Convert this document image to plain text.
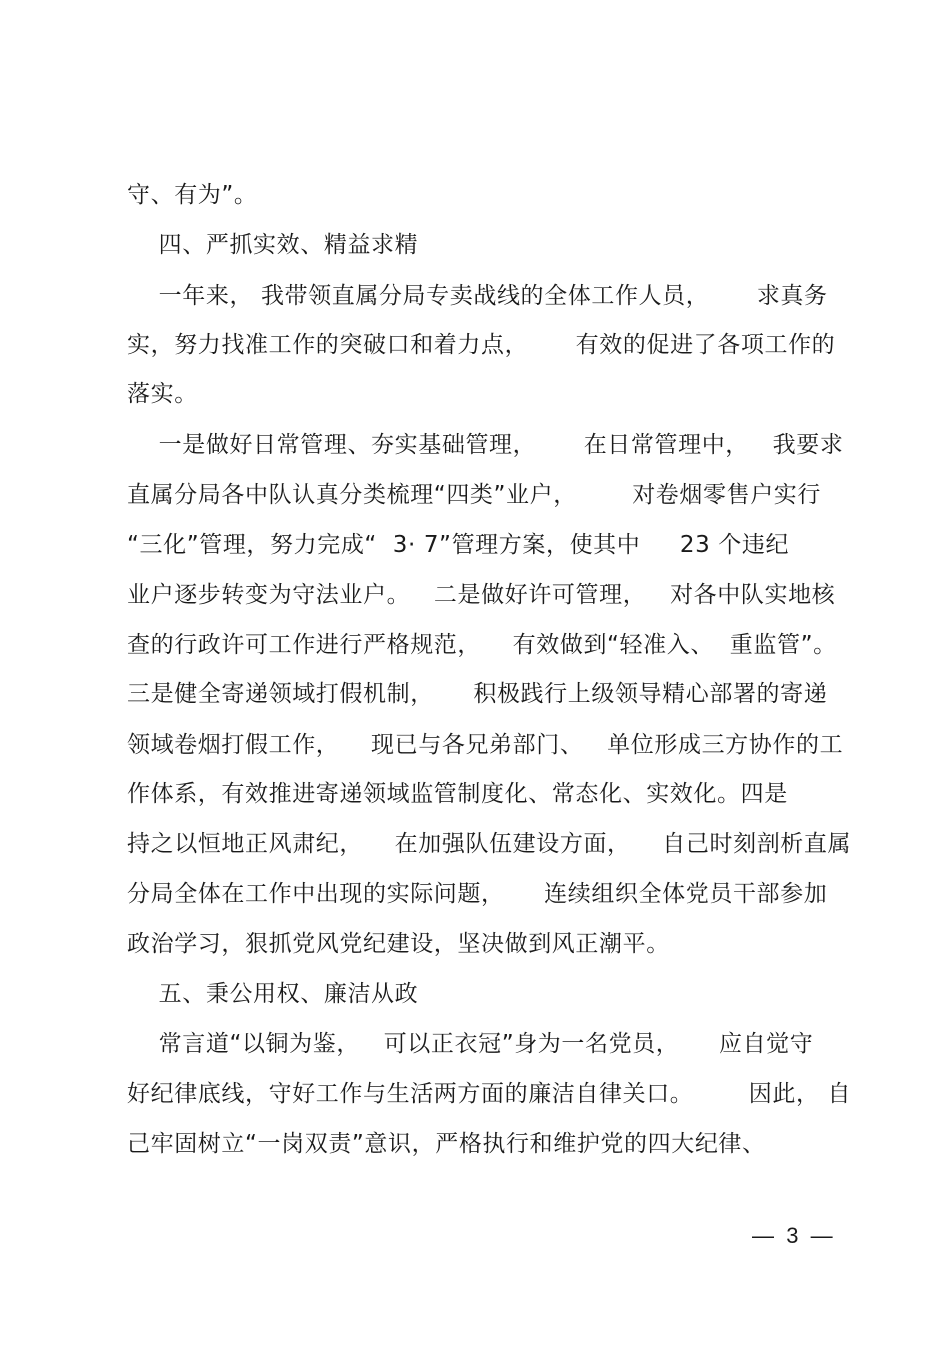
守、有为”。
四、严抓实效、精益求精
一年来， 我带领直属分局专卖战线的全体工作人员，      求真务
实，努力找准工作的突破口和着力点，      有效的促进了各项工作的
落实。
一是做好日常管理、夯实基础管理，      在日常管理中，   我要求
直属分局各中队认真分类梳理“四类”业户，       对卷烟零售户实行
“三化”管理，努力完成“  3· 7”管理方案，使其中     23 个违纪
业户逐步转变为守法业户。   二是做好许可管理，   对各中队实地核
查的行政许可工作进行严格规范，    有效做到“轻准入、  重监管”。
三是健全寄递领域打假机制，     积极践行上级领导精心部署的寄递
领域卷烟打假工作，    现已与各兄弟部门、   单位形成三方协作的工
作体系，有效推进寄递领域监管制度化、常态化、实效化。四是
持之以恒地正风肃纪，    在加强队伍建设方面，    自己时刻剖析直属
分局全体在工作中出现的实际问题，     连续组织全体党员干部参加
政治学习，狠抓党风党纪建设，坚决做到风正潮平。
五、秉公用权、廉洁从政
常言道“以铜为鉴，   可以正衣冠”身为一名党员，     应自觉守
好纪律底线，守好工作与生活两方面的廉洁自律关口。       因此， 自
己牢固树立“一岗双责”意识，严格执行和维护党的四大纪律、
—  3  —
